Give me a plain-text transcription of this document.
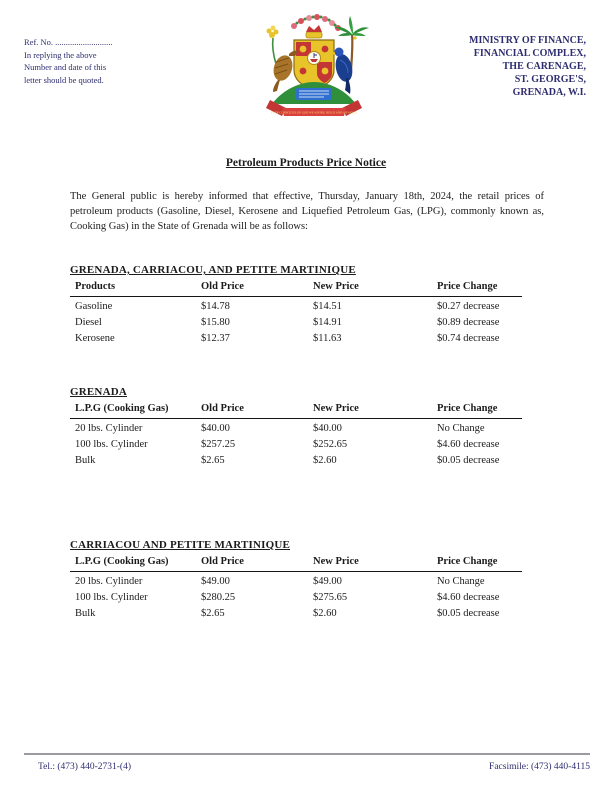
Ref. No. ...........................
In replying the above
Number and date of this
letter should be quoted.
EVER CONSCIOUS OF GOD WE ASPIRE, BUILD AND ADVANCE
MINISTRY OF FINANCE,
FINANCIAL COMPLEX,
THE CARENAGE,
ST. GEORGE'S,
GRENADA, W.I.
Petroleum Products Price Notice

The General public is hereby informed that effective, Thursday, January 18th, 2024, the retail prices of petroleum products (Gasoline, Diesel, Kerosene and Liquefied Petroleum Gas, (LPG), commonly known as, Cooking Gas) in the State of Grenada will be as follows:

GRENADA, CARRIACOU, AND PETITE MARTINIQUE
Products	Old Price	New Price	Price Change
Gasoline	$14.78	$14.51	$0.27 decrease
Diesel	$15.80	$14.91	$0.89 decrease
Kerosene	$12.37	$11.63	$0.74 decrease
GRENADA
L.P.G (Cooking Gas)	Old Price	New Price	Price Change
20 lbs. Cylinder	$40.00	$40.00	No Change
100 lbs. Cylinder	$257.25	$252.65	$4.60 decrease
Bulk	$2.65	$2.60	$0.05 decrease
CARRIACOU AND PETITE MARTINIQUE
L.P.G (Cooking Gas)	Old Price	New Price	Price Change
20 lbs. Cylinder	$49.00	$49.00	No Change
100 lbs. Cylinder	$280.25	$275.65	$4.60 decrease
Bulk	$2.65	$2.60	$0.05 decrease
Tel.: (473) 440-2731-(4)	Facsimile: (473) 440-4115
